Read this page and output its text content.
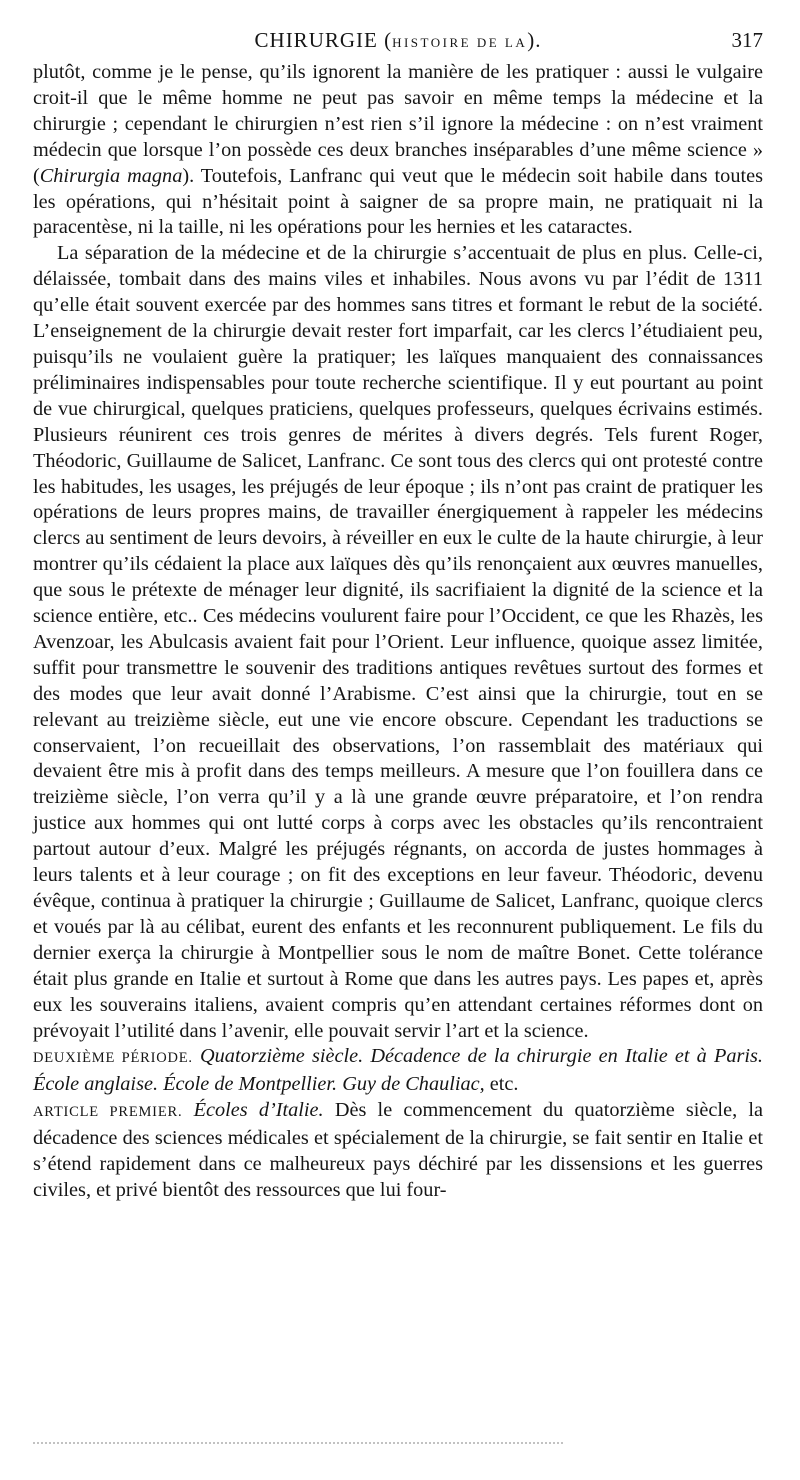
CHIRURGIE (HISTOIRE DE LA).	317

plutôt, comme je le pense, qu’ils ignorent la manière de les pratiquer : aussi le vulgaire croit-il que le même homme ne peut pas savoir en même temps la médecine et la chirurgie ; cependant le chirurgien n’est rien s’il ignore la médecine : on n’est vraiment médecin que lorsque l’on possède ces deux branches inséparables d’une même science » (Chirurgia magna). Toutefois, Lanfranc qui veut que le médecin soit habile dans toutes les opérations, qui n’hésitait point à saigner de sa propre main, ne pratiquait ni la paracentèse, ni la taille, ni les opérations pour les hernies et les cataractes.

La séparation de la médecine et de la chirurgie s’accentuait de plus en plus. Celle-ci, délaissée, tombait dans des mains viles et inhabiles. Nous avons vu par l’édit de 1311 qu’elle était souvent exercée par des hommes sans titres et formant le rebut de la société. L’enseignement de la chirurgie devait rester fort imparfait, car les clercs l’étudiaient peu, puisqu’ils ne voulaient guère la pratiquer; les laïques manquaient des connaissances préliminaires indispensables pour toute recherche scientifique. Il y eut pourtant au point de vue chirurgical, quelques praticiens, quelques professeurs, quelques écrivains estimés. Plusieurs réunirent ces trois genres de mérites à divers degrés. Tels furent Roger, Théodoric, Guillaume de Salicet, Lanfranc. Ce sont tous des clercs qui ont protesté contre les habitudes, les usages, les préjugés de leur époque ; ils n’ont pas craint de pratiquer les opérations de leurs propres mains, de travailler énergiquement à rappeler les médecins clercs au sentiment de leurs devoirs, à réveiller en eux le culte de la haute chirurgie, à leur montrer qu’ils cédaient la place aux laïques dès qu’ils renonçaient aux œuvres manuelles, que sous le prétexte de ménager leur dignité, ils sacrifiaient la dignité de la science et la science entière, etc.. Ces médecins voulurent faire pour l’Occident, ce que les Rhazès, les Avenzoar, les Abulcasis avaient fait pour l’Orient. Leur influence, quoique assez limitée, suffit pour transmettre le souvenir des traditions antiques revêtues surtout des formes et des modes que leur avait donné l’Arabisme. C’est ainsi que la chirurgie, tout en se relevant au treizième siècle, eut une vie encore obscure. Cependant les traductions se conservaient, l’on recueillait des observations, l’on rassemblait des matériaux qui devaient être mis à profit dans des temps meilleurs. A mesure que l’on fouillera dans ce treizième siècle, l’on verra qu’il y a là une grande œuvre préparatoire, et l’on rendra justice aux hommes qui ont lutté corps à corps avec les obstacles qu’ils rencontraient partout autour d’eux. Malgré les préjugés régnants, on accorda de justes hommages à leurs talents et à leur courage ; on fit des exceptions en leur faveur. Théodoric, devenu évêque, continua à pratiquer la chirurgie ; Guillaume de Salicet, Lanfranc, quoique clercs et voués par là au célibat, eurent des enfants et les reconnurent publiquement. Le fils du dernier exerça la chirurgie à Montpellier sous le nom de maître Bonet. Cette tolérance était plus grande en Italie et surtout à Rome que dans les autres pays. Les papes et, après eux les souverains italiens, avaient compris qu’en attendant certaines réformes dont on prévoyait l’utilité dans l’avenir, elle pouvait servir l’art et la science.

DEUXIÈME PÉRIODE. Quatorzième siècle. Décadence de la chirurgie en Italie et à Paris. École anglaise. École de Montpellier. Guy de Chauliac, etc.
ARTICLE PREMIER. Écoles d’Italie. Dès le commencement du quatorzième siècle, la décadence des sciences médicales et spécialement de la chirurgie, se fait sentir en Italie et s’étend rapidement dans ce malheureux pays déchiré par les dissensions et les guerres civiles, et privé bientôt des ressources que lui four-
